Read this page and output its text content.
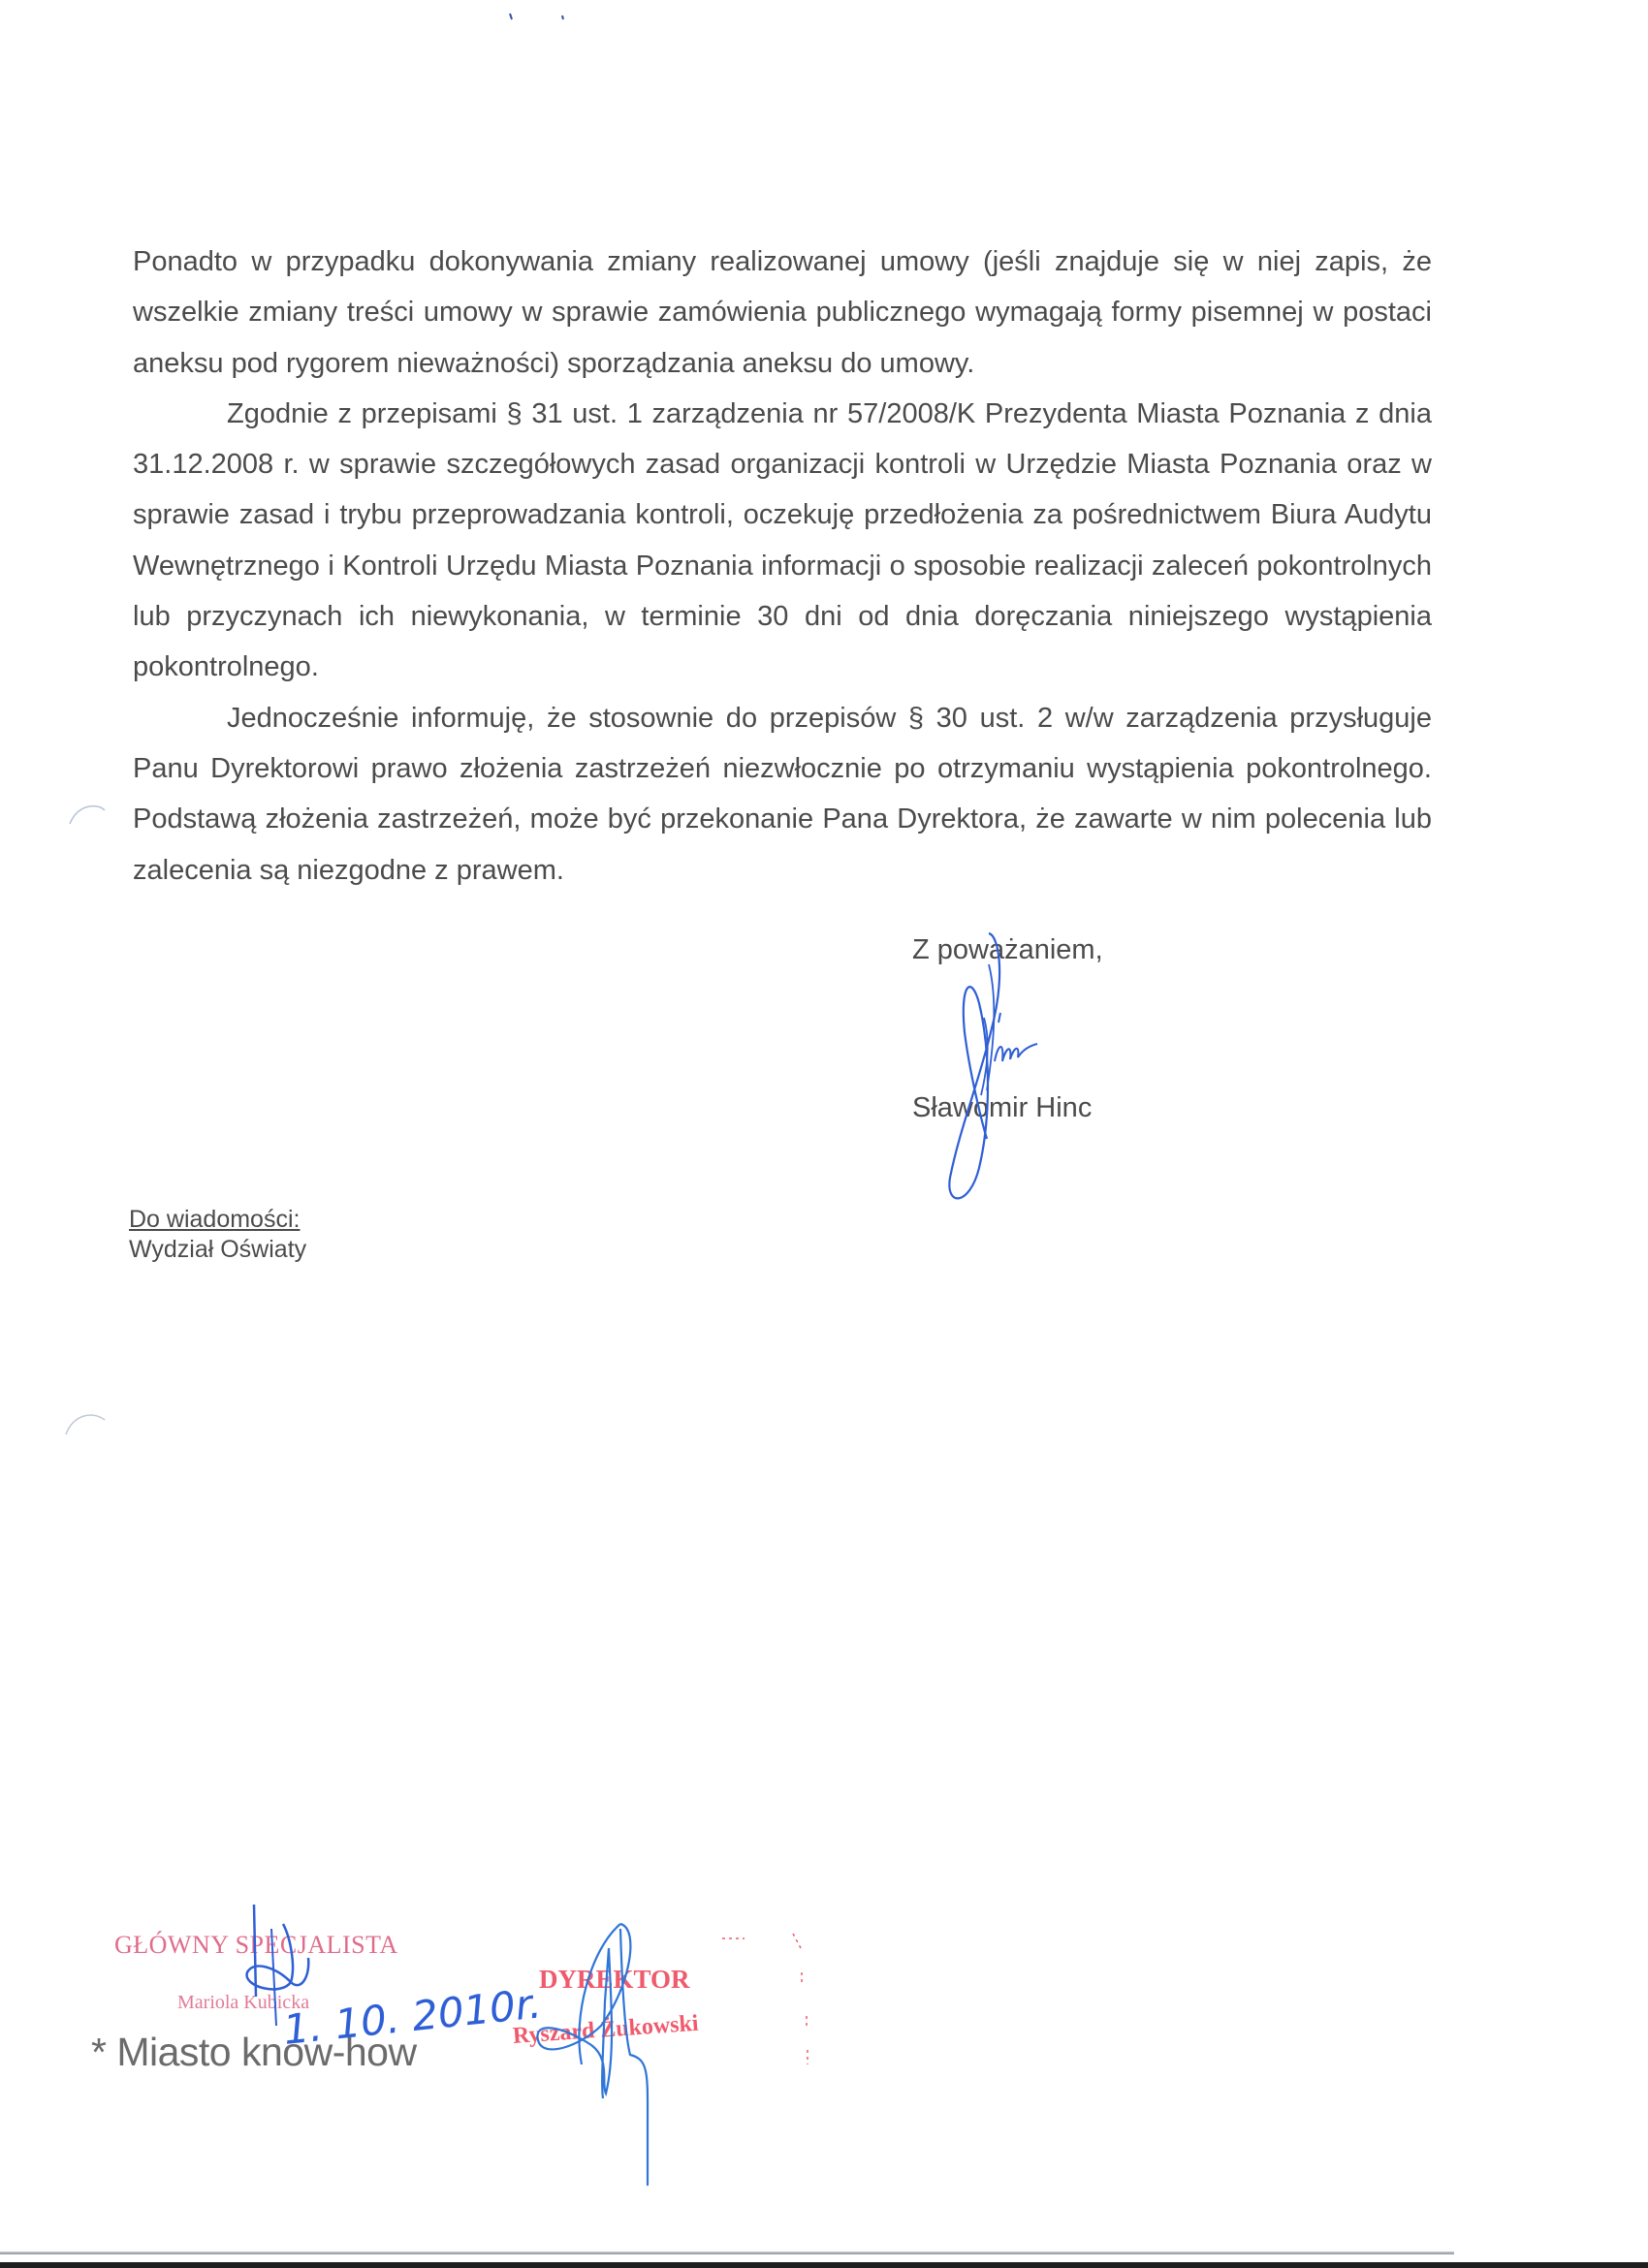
Ponadto w przypadku dokonywania zmiany realizowanej umowy (jeśli znajduje się w niej zapis, że wszelkie zmiany treści umowy w sprawie zamówienia publicznego wymagają formy pisemnej w postaci aneksu pod rygorem nieważności) sporządzania aneksu do umowy.

Zgodnie z przepisami § 31 ust. 1 zarządzenia nr 57/2008/K Prezydenta Miasta Poznania z dnia 31.12.2008 r. w sprawie szczegółowych zasad organizacji kontroli w Urzędzie Miasta Poznania oraz w sprawie zasad i trybu przeprowadzania kontroli, oczekuję przedłożenia za pośrednictwem Biura Audytu Wewnętrznego i Kontroli Urzędu Miasta Poznania informacji o sposobie realizacji zaleceń pokontrolnych lub przyczynach ich niewykonania, w terminie 30 dni od dnia doręczania niniejszego wystąpienia pokontrolnego.

Jednocześnie informuję, że stosownie do przepisów § 30 ust. 2 w/w zarządzenia przysługuje Panu Dyrektorowi prawo złożenia zastrzeżeń niezwłocznie po otrzymaniu wystąpienia pokontrolnego. Podstawą złożenia zastrzeżeń, może być przekonanie Pana Dyrektora, że zawarte w nim polecenia lub zalecenia są niezgodne z prawem.

Z poważaniem,
Sławomir Hinc
Do wiadomości:
Wydział Oświaty
GŁÓWNY SPECJALISTA
Mariola Kubicka
* Miasto know-how
1. 10. 2010r.
DYREKTOR
Ryszard Żukowski
